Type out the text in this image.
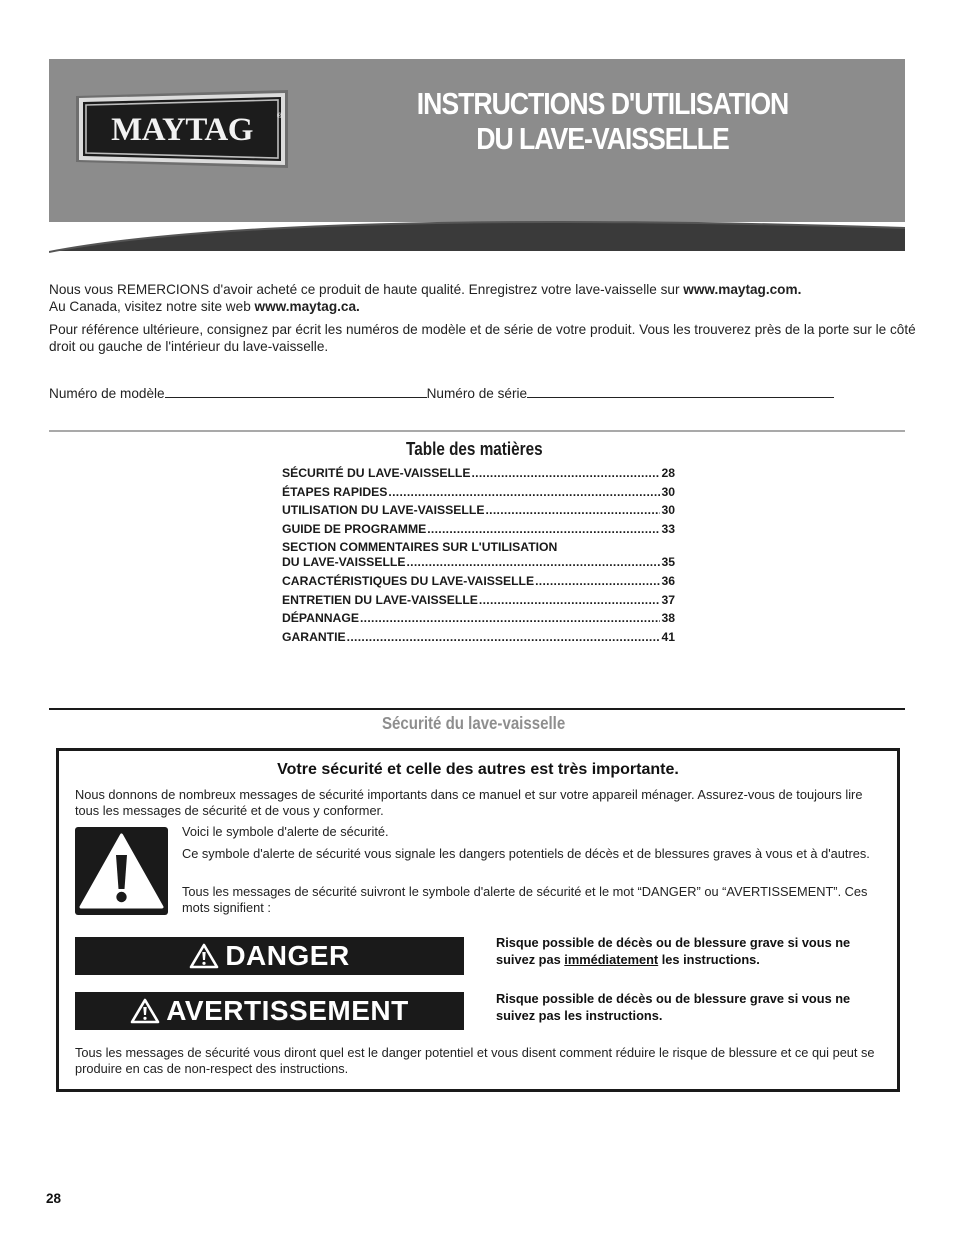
MAYTAG	®	INSTRUCTIONS D'UTILISATION
DU LAVE-VAISSELLE
Nous vous REMERCIONS d'avoir acheté ce produit de haute qualité. Enregistrez votre lave-vaisselle sur www.maytag.com.
Au Canada, visitez notre site web www.maytag.ca.
Pour référence ultérieure, consignez par écrit les numéros de modèle et de série de votre produit. Vous les trouverez près de la porte sur le côté droit ou gauche de l'intérieur du lave-vaisselle.
Numéro de modèle	Numéro de série
Table des matières
SÉCURITÉ DU LAVE-VAISSELLE .....	28
ÉTAPES RAPIDES .....	30
UTILISATION DU LAVE-VAISSELLE .....	30
GUIDE DE PROGRAMME .....	33
SECTION COMMENTAIRES SUR L'UTILISATION
DU LAVE-VAISSELLE .....	35
CARACTÉRISTIQUES DU LAVE-VAISSELLE .....	36
ENTRETIEN DU LAVE-VAISSELLE .....	37
DÉPANNAGE .....	38
GARANTIE .....	41
Sécurité du lave-vaisselle
Votre sécurité et celle des autres est très importante.
Nous donnons de nombreux messages de sécurité importants dans ce manuel et sur votre appareil ménager. Assurez-vous de toujours lire tous les messages de sécurité et de vous y conformer.
Voici le symbole d'alerte de sécurité.
Ce symbole d'alerte de sécurité vous signale les dangers potentiels de décès et de blessures graves à vous et à d'autres.
Tous les messages de sécurité suivront le symbole d'alerte de sécurité et le mot “DANGER” ou “AVERTISSEMENT”. Ces mots signifient :
DANGER	Risque possible de décès ou de blessure grave si vous ne suivez pas immédiatement les instructions.
AVERTISSEMENT	Risque possible de décès ou de blessure grave si vous ne suivez pas les instructions.
Tous les messages de sécurité vous diront quel est le danger potentiel et vous disent comment réduire le risque de blessure et ce qui peut se produire en cas de non-respect des instructions.
28
